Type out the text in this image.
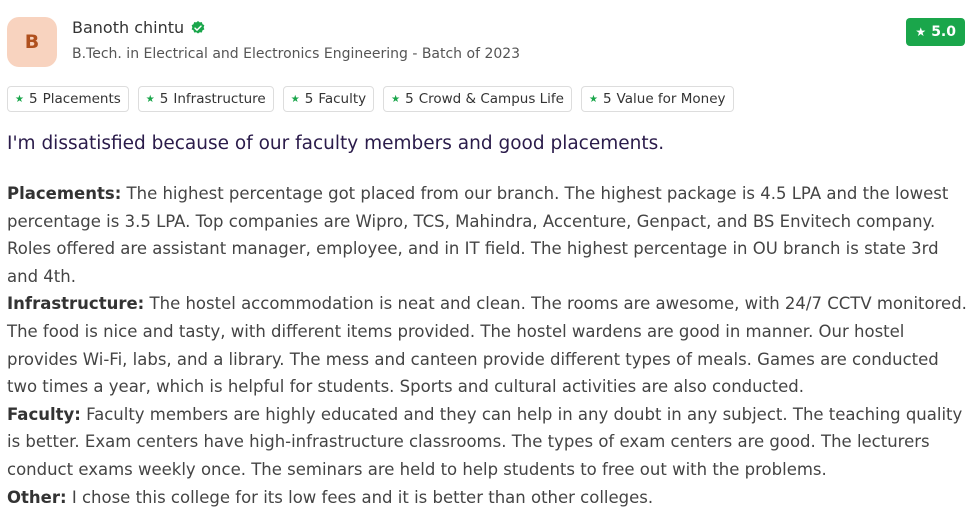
B
Banoth chintu
B.Tech. in Electrical and Electronics Engineering - Batch of 2023
★ 5.0
★ 5 Placements	★ 5 Infrastructure	★ 5 Faculty	★ 5 Crowd & Campus Life	★ 5 Value for Money
I'm dissatisfied because of our faculty members and good placements.

Placements: The highest percentage got placed from our branch. The highest package is 4.5 LPA and the lowest percentage is 3.5 LPA. Top companies are Wipro, TCS, Mahindra, Accenture, Genpact, and BS Envitech company. Roles offered are assistant manager, employee, and in IT field. The highest percentage in OU branch is state 3rd and 4th.

Infrastructure: The hostel accommodation is neat and clean. The rooms are awesome, with 24/7 CCTV monitored. The food is nice and tasty, with different items provided. The hostel wardens are good in manner. Our hostel provides Wi-Fi, labs, and a library. The mess and canteen provide different types of meals. Games are conducted two times a year, which is helpful for students. Sports and cultural activities are also conducted.

Faculty: Faculty members are highly educated and they can help in any doubt in any subject. The teaching quality is better. Exam centers have high-infrastructure classrooms. The types of exam centers are good. The lecturers conduct exams weekly once. The seminars are held to help students to free out with the problems.

Other: I chose this college for its low fees and it is better than other colleges.
